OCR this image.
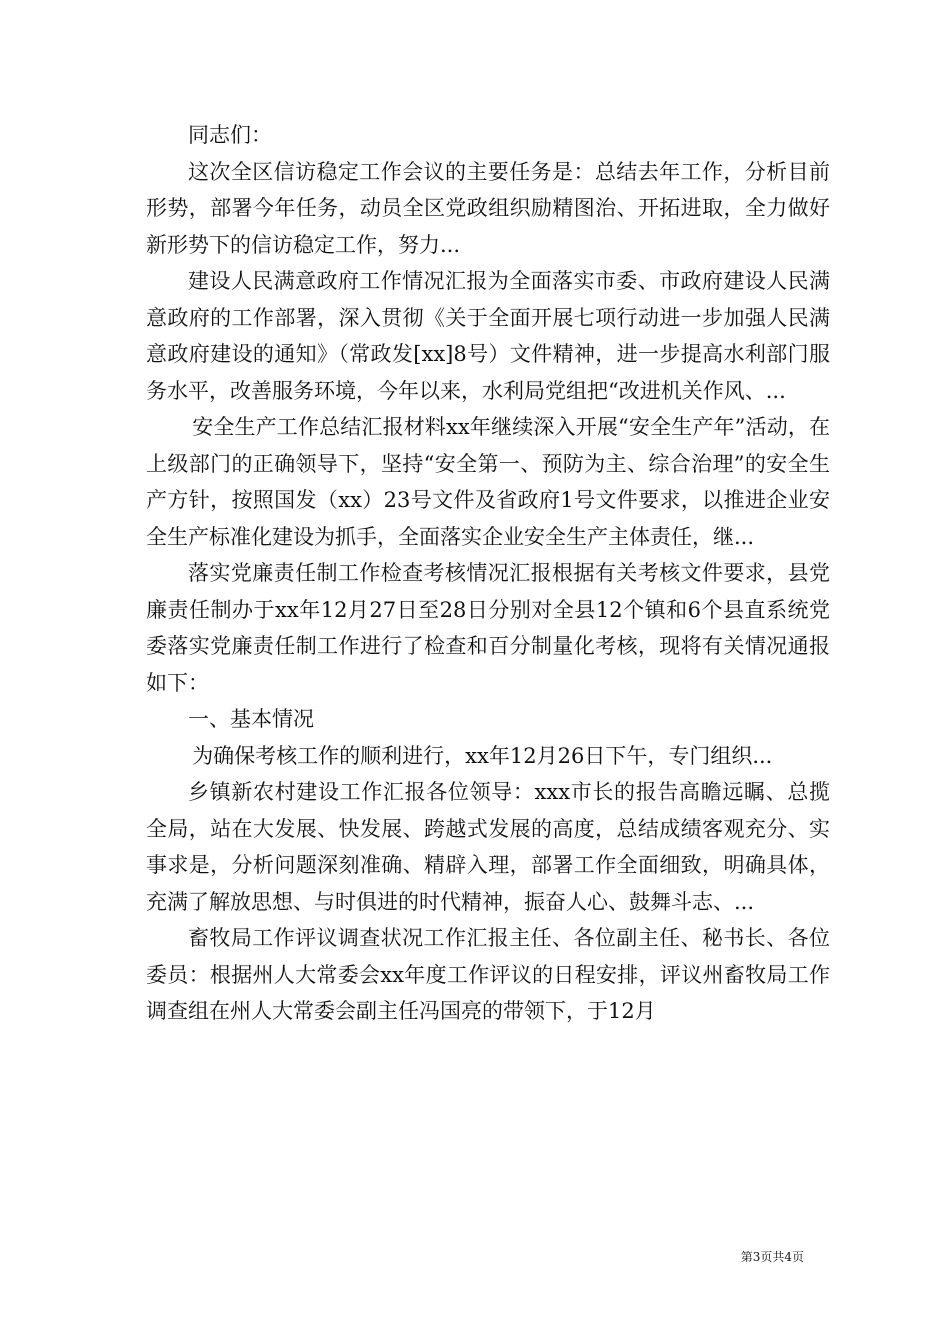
同志们：

这次全区信访稳定工作会议的主要任务是：总结去年工作，分析目前形势，部署今年任务，动员全区党政组织励精图治、开拓进取，全力做好新形势下的信访稳定工作，努力...

建设人民满意政府工作情况汇报为全面落实市委、市政府建设人民满意政府的工作部署，深入贯彻《关于全面开展七项行动进一步加强人民满意政府建设的通知》（常政发[xx]8号）文件精神，进一步提高水利部门服务水平，改善服务环境，今年以来，水利局党组把“改进机关作风、...

安全生产工作总结汇报材料xx年继续深入开展“安全生产年”活动，在上级部门的正确领导下，坚持“安全第一、预防为主、综合治理”的安全生产方针，按照国发（xx）23号文件及省政府1号文件要求，以推进企业安全生产标准化建设为抓手，全面落实企业安全生产主体责任，继...

落实党廉责任制工作检查考核情况汇报根据有关考核文件要求，县党廉责任制办于xx年12月27日至28日分别对全县12个镇和6个县直系统党委落实党廉责任制工作进行了检查和百分制量化考核，现将有关情况通报如下：

一、基本情况

为确保考核工作的顺利进行，xx年12月26日下午，专门组织...

乡镇新农村建设工作汇报各位领导：xxx市长的报告高瞻远瞩、总揽全局，站在大发展、快发展、跨越式发展的高度，总结成绩客观充分、实事求是，分析问题深刻准确、精辟入理，部署工作全面细致，明确具体，充满了解放思想、与时俱进的时代精神，振奋人心、鼓舞斗志、...

畜牧局工作评议调查状况工作汇报主任、各位副主任、秘书长、各位委员：根据州人大常委会xx年度工作评议的日程安排，评议州畜牧局工作调查组在州人大常委会副主任冯国亮的带领下，于12月

第3页共4页
